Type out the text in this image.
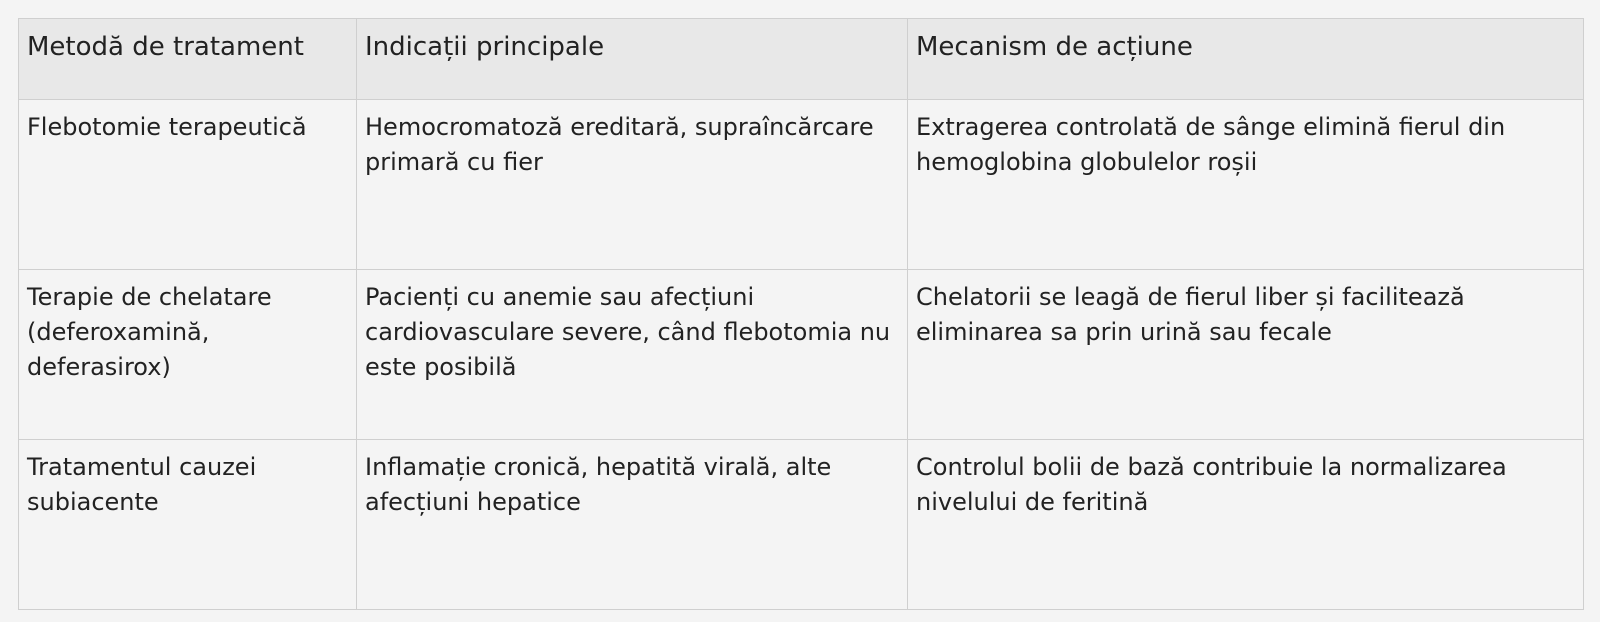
Metodă de tratament	Indicații principale	Mecanism de acțiune
Flebotomie terapeutică	Hemocromatoză ereditară, supraîncărcare primară cu fier	Extragerea controlată de sânge elimină fierul din hemoglobina globulelor roșii
Terapie de chelatare (deferoxamină, deferasirox)	Pacienți cu anemie sau afecțiuni cardiovasculare severe, când flebotomia nu este posibilă	Chelatorii se leagă de fierul liber și facilitează eliminarea sa prin urină sau fecale
Tratamentul cauzei subiacente	Inflamație cronică, hepatită virală, alte afecțiuni hepatice	Controlul bolii de bază contribuie la normalizarea nivelului de feritină
